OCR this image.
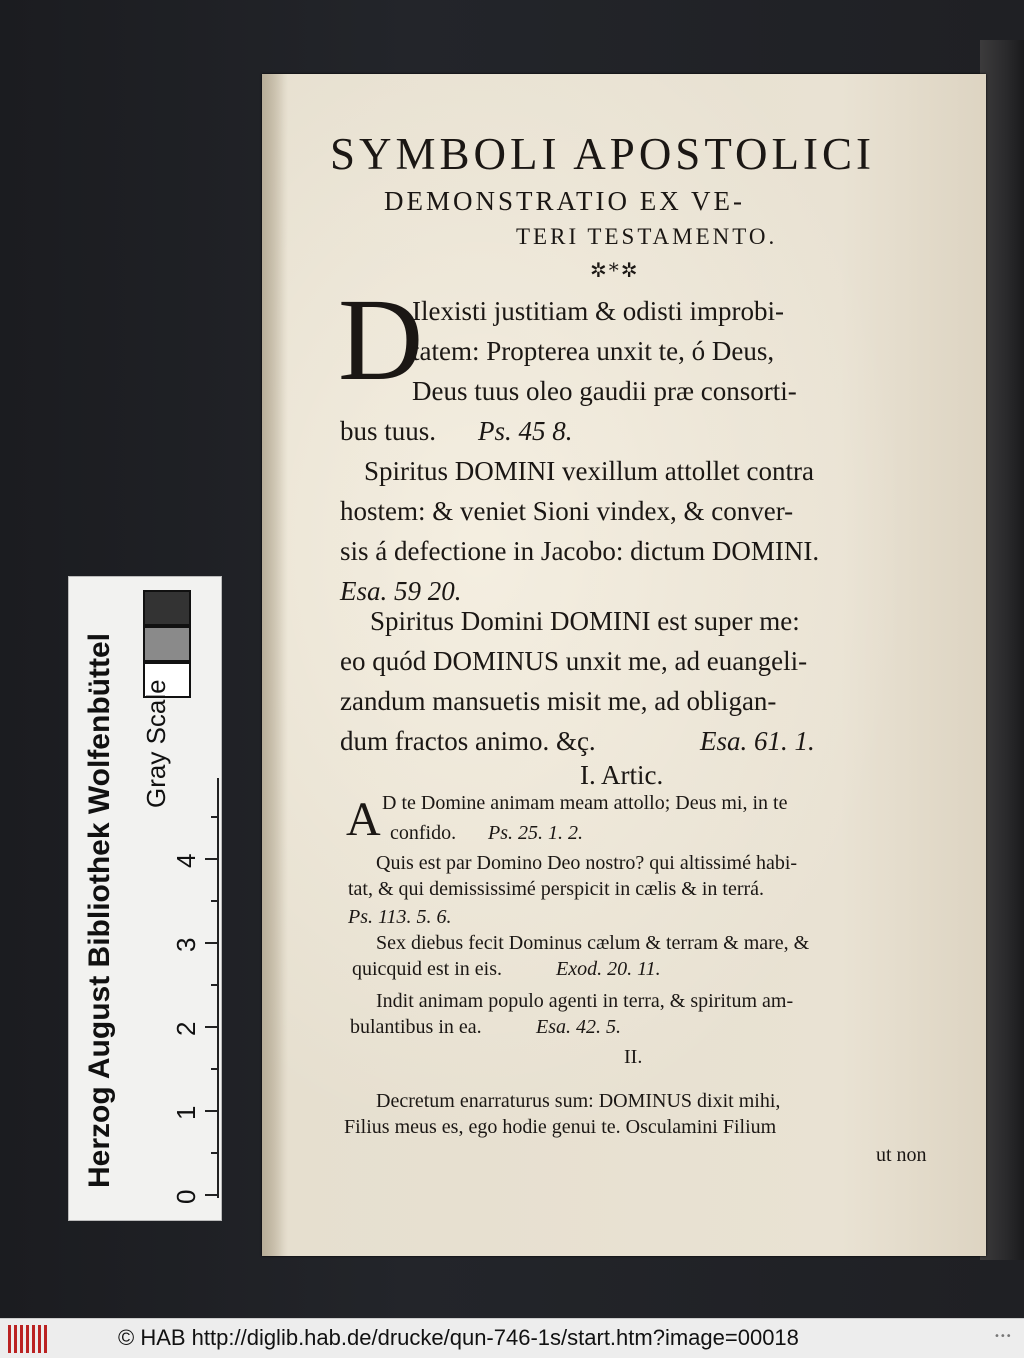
SYMBOLI APOSTOLICI
DEMONSTRATIO EX VE-
TERI TESTAMENTO.
✲*✲
D
Ilexisti justitiam & odisti improbi-
tatem: Propterea unxit te, ó Deus,
Deus tuus oleo gaudii præ consorti-
bus tuus. Ps. 45 8.
Spiritus DOMINI vexillum attollet contra
hostem: & veniet Sioni vindex, & conver-
sis á defectione in Jacobo: dictum DOMINI.
Esa. 59 20.
Spiritus Domini DOMINI est super me:
eo quód DOMINUS unxit me, ad euangeli-
zandum mansuetis misit me, ad obligan-
dum fractos animo. &ç.	Esa. 61. 1.
I. Artic.
A D te Domine animam meam attollo; Deus mi, in te
confido. Ps. 25. 1. 2.
Quis est par Domino Deo nostro? qui altissimé habi-
tat, & qui demississimé perspicit in cælis & in terrá.
Ps. 113. 5. 6.
Sex diebus fecit Dominus cælum & terram & mare, &
quicquid est in eis.	Exod. 20. 11.
Indit animam populo agenti in terra, & spiritum am-
bulantibus in ea.	Esa. 42. 5.
II.
Decretum enarraturus sum: DOMINUS dixit mihi,
Filius meus es, ego hodie genui te. Osculamini Filium
ut non
Herzog August Bibliothek Wolfenbüttel Gray Scale
0
1
2
3
4
© HAB http://diglib.hab.de/drucke/qun-746-1s/start.htm?image=00018	•••
